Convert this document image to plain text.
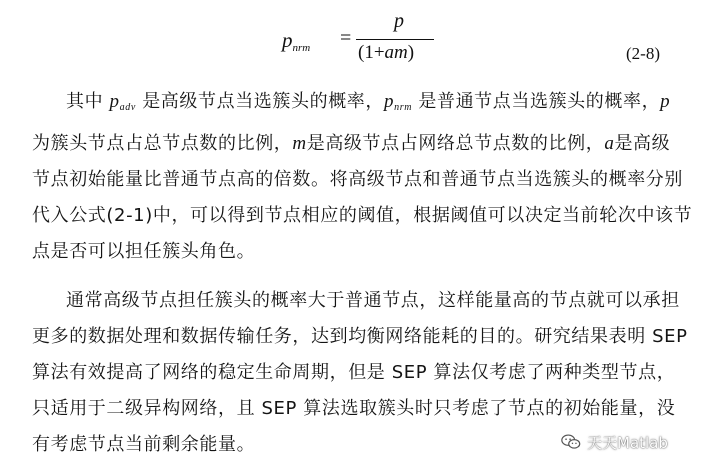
$p_{nrm}$ =
p
(1+am)	(2-8)
其中 $p_{adv}$ 是高级节点当选簇头的概率，$p_{nrm}$ 是普通节点当选簇头的概率，p
为簇头节点占总节点数的比例，m是高级节点占网络总节点数的比例，a是高级
节点初始能量比普通节点高的倍数。将高级节点和普通节点当选簇头的概率分别
代入公式(2-1)中，可以得到节点相应的阈值，根据阈值可以决定当前轮次中该节
点是否可以担任簇头角色。
通常高级节点担任簇头的概率大于普通节点，这样能量高的节点就可以承担
更多的数据处理和数据传输任务，达到均衡网络能耗的目的。研究结果表明 SEP
算法有效提高了网络的稳定生命周期，但是 SEP 算法仅考虑了两种类型节点，
只适用于二级异构网络，且 SEP 算法选取簇头时只考虑了节点的初始能量，没
有考虑节点当前剩余能量。	天天Matlab
